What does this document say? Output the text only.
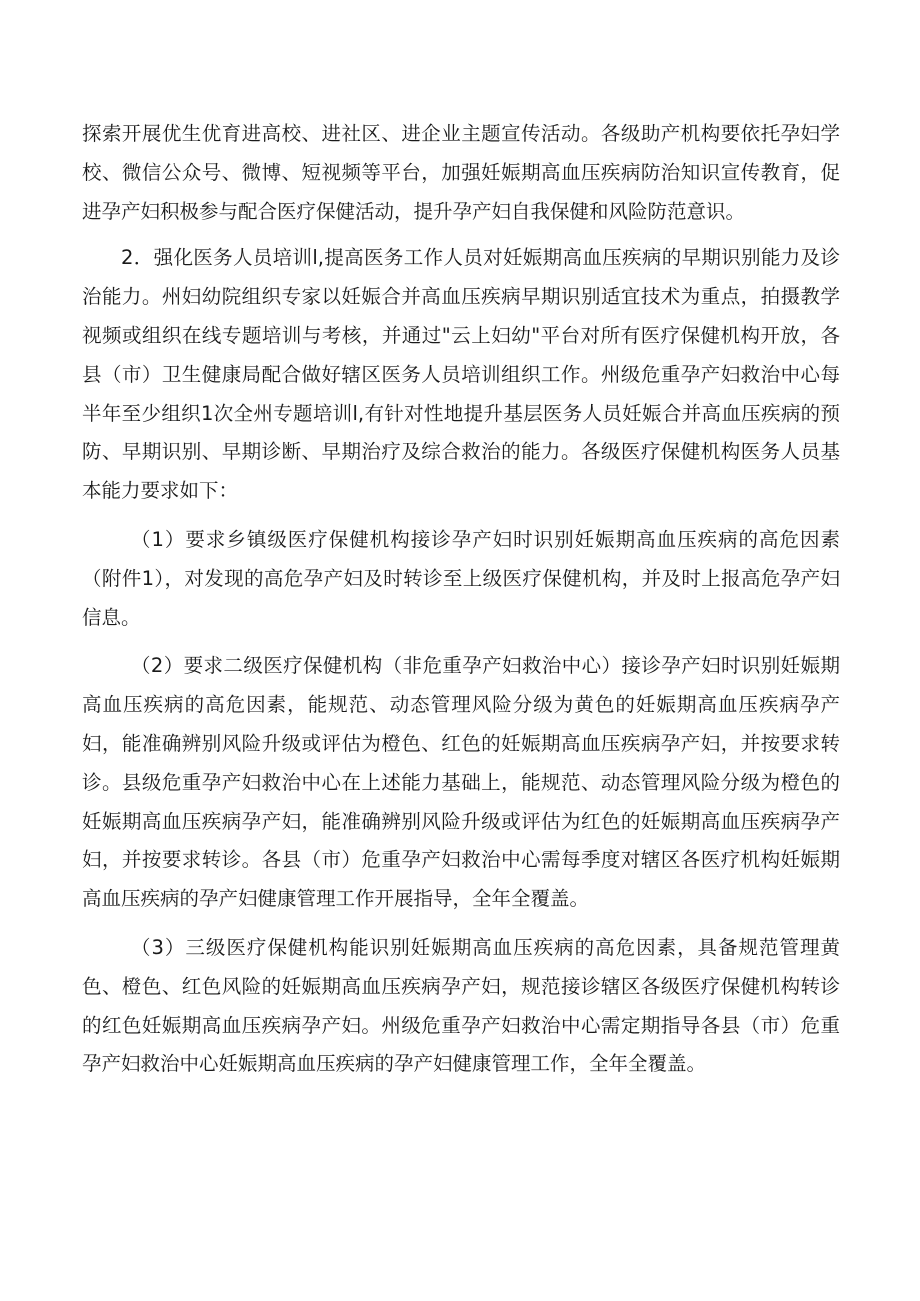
探索开展优生优育进高校、进社区、进企业主题宣传活动。各级助产机构要依托孕妇学校、微信公众号、微博、短视频等平台，加强妊娠期高血压疾病防治知识宣传教育，促进孕产妇积极参与配合医疗保健活动，提升孕产妇自我保健和风险防范意识。

2．强化医务人员培训l,提高医务工作人员对妊娠期高血压疾病的早期识别能力及诊治能力。州妇幼院组织专家以妊娠合并高血压疾病早期识别适宜技术为重点，拍摄教学视频或组织在线专题培训与考核，并通过"云上妇幼"平台对所有医疗保健机构开放，各县（市）卫生健康局配合做好辖区医务人员培训组织工作。州级危重孕产妇救治中心每半年至少组织1次全州专题培训l,有针对性地提升基层医务人员妊娠合并高血压疾病的预防、早期识别、早期诊断、早期治疗及综合救治的能力。各级医疗保健机构医务人员基本能力要求如下：

（1）要求乡镇级医疗保健机构接诊孕产妇时识别妊娠期高血压疾病的高危因素（附件1），对发现的高危孕产妇及时转诊至上级医疗保健机构，并及时上报高危孕产妇信息。

（2）要求二级医疗保健机构（非危重孕产妇救治中心）接诊孕产妇时识别妊娠期高血压疾病的高危因素，能规范、动态管理风险分级为黄色的妊娠期高血压疾病孕产妇，能准确辨别风险升级或评估为橙色、红色的妊娠期高血压疾病孕产妇，并按要求转诊。县级危重孕产妇救治中心在上述能力基础上，能规范、动态管理风险分级为橙色的妊娠期高血压疾病孕产妇，能准确辨别风险升级或评估为红色的妊娠期高血压疾病孕产妇，并按要求转诊。各县（市）危重孕产妇救治中心需每季度对辖区各医疗机构妊娠期高血压疾病的孕产妇健康管理工作开展指导，全年全覆盖。

（3）三级医疗保健机构能识别妊娠期高血压疾病的高危因素，具备规范管理黄色、橙色、红色风险的妊娠期高血压疾病孕产妇，规范接诊辖区各级医疗保健机构转诊的红色妊娠期高血压疾病孕产妇。州级危重孕产妇救治中心需定期指导各县（市）危重孕产妇救治中心妊娠期高血压疾病的孕产妇健康管理工作，全年全覆盖。
